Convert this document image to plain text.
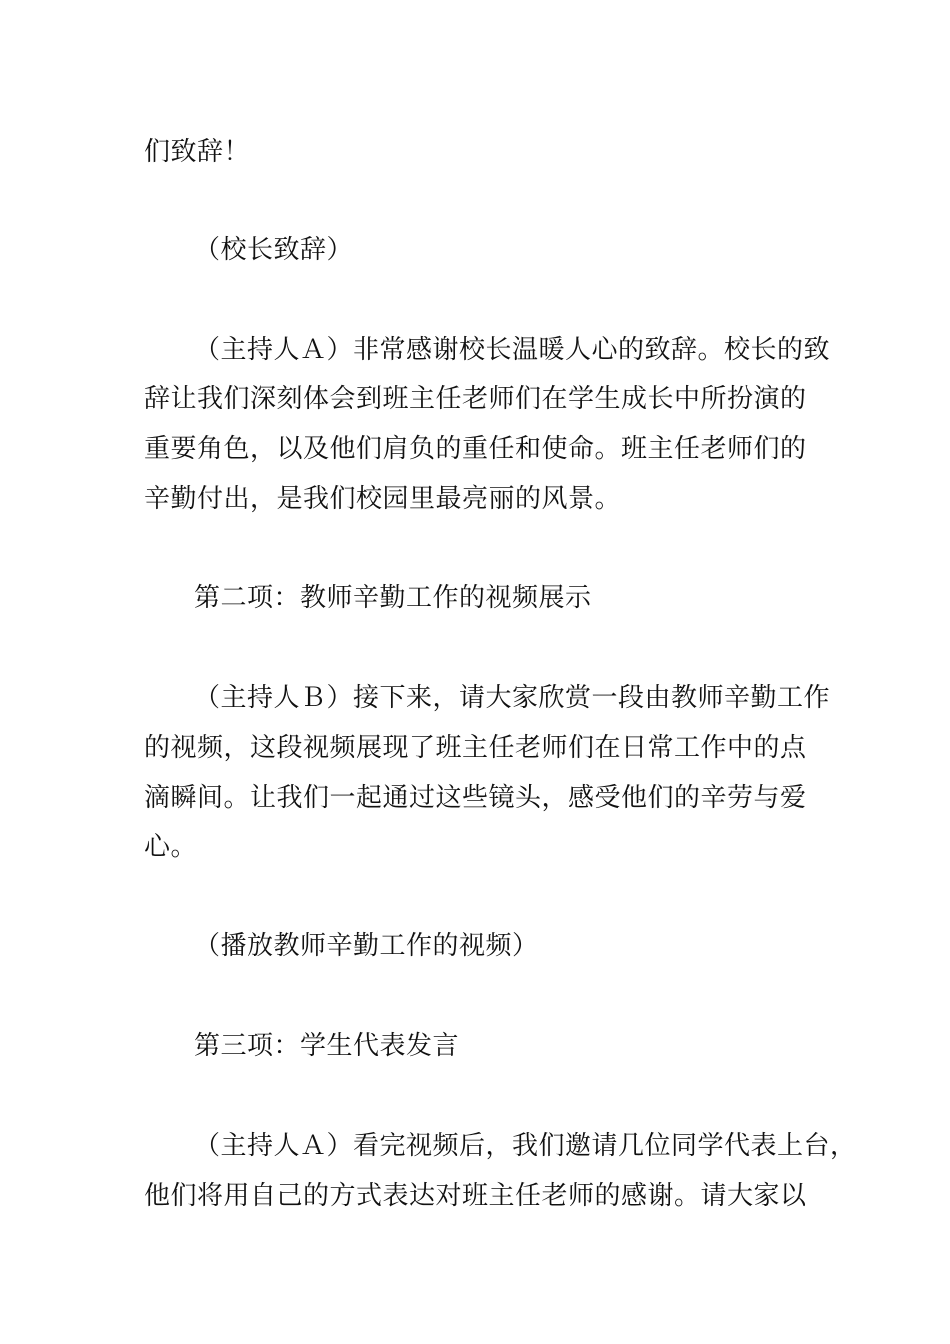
们致辞！
（校长致辞）
（主持人Ａ）非常感谢校长温暖人心的致辞。校长的致
辞让我们深刻体会到班主任老师们在学生成长中所扮演的
重要角色，以及他们肩负的重任和使命。班主任老师们的
辛勤付出，是我们校园里最亮丽的风景。
第二项：教师辛勤工作的视频展示
（主持人Ｂ）接下来，请大家欣赏一段由教师辛勤工作
的视频，这段视频展现了班主任老师们在日常工作中的点
滴瞬间。让我们一起通过这些镜头，感受他们的辛劳与爱
心。
（播放教师辛勤工作的视频）
第三项：学生代表发言
（主持人Ａ）看完视频后，我们邀请几位同学代表上台，
他们将用自己的方式表达对班主任老师的感谢。请大家以
